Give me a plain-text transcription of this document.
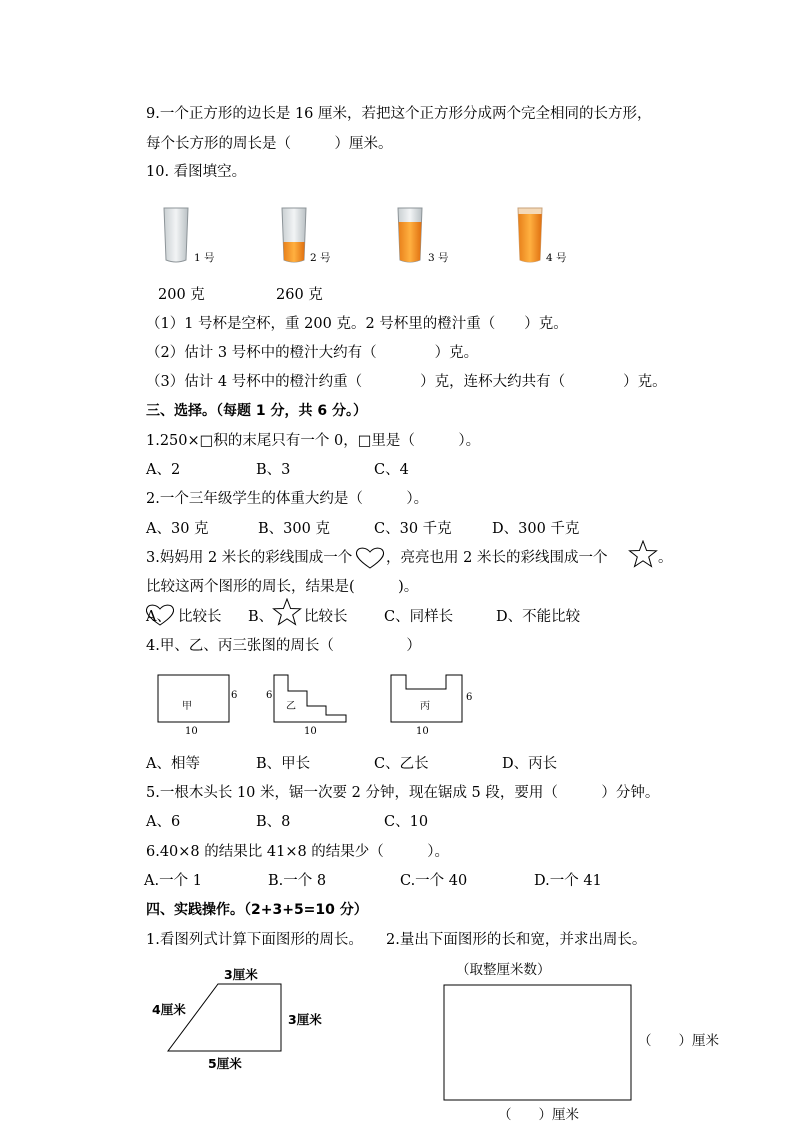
9.一个正方形的边长是 16 厘米，若把这个正方形分成两个完全相同的长方形，
每个长方形的周长是（　　　）厘米。
10. 看图填空。
1 号	2 号	3 号	4 号
200 克	260 克
（1）1 号杯是空杯，重 200 克。2 号杯里的橙汁重（　　）克。
（2）估计 3 号杯中的橙汁大约有（　　　　）克。
（3）估计 4 号杯中的橙汁约重（　　　　）克，连杯大约共有（　　　　）克。
三、选择。（每题 1 分，共 6 分。）
1.250×□积的末尾只有一个 0，□里是（　　　）。
A、2	B、3	C、4
2.一个三年级学生的体重大约是（　　　）。
A、30 克	B、300 克	C、30 千克	D、300 千克
3.妈妈用 2 米长的彩线围成一个 ，亮亮也用 2 米长的彩线围成一个	。
比较这两个图形的周长，结果是(　　　)。
A、 比较长 B、 比较长	C、同样长	D、不能比较
4.甲、乙、丙三张图的周长（　　　　　）
甲
6
10
乙
6
10
丙
6
10
A、相等	B、甲长	C、乙长	D、丙长
5.一根木头长 10 米，锯一次要 2 分钟，现在锯成 5 段，要用（　　　）分钟。
A、6	B、8	C、10
6.40×8 的结果比 41×8 的结果少（　　　）。
A.一个 1	B.一个 8	C.一个 40	D.一个 41
四、实践操作。（2+3+5=10 分）
1.看图列式计算下面图形的周长。 2.量出下面图形的长和宽，并求出周长。
3厘米
4厘米
3厘米
5厘米
（取整厘米数）
（　　）厘米
（　　）厘米
